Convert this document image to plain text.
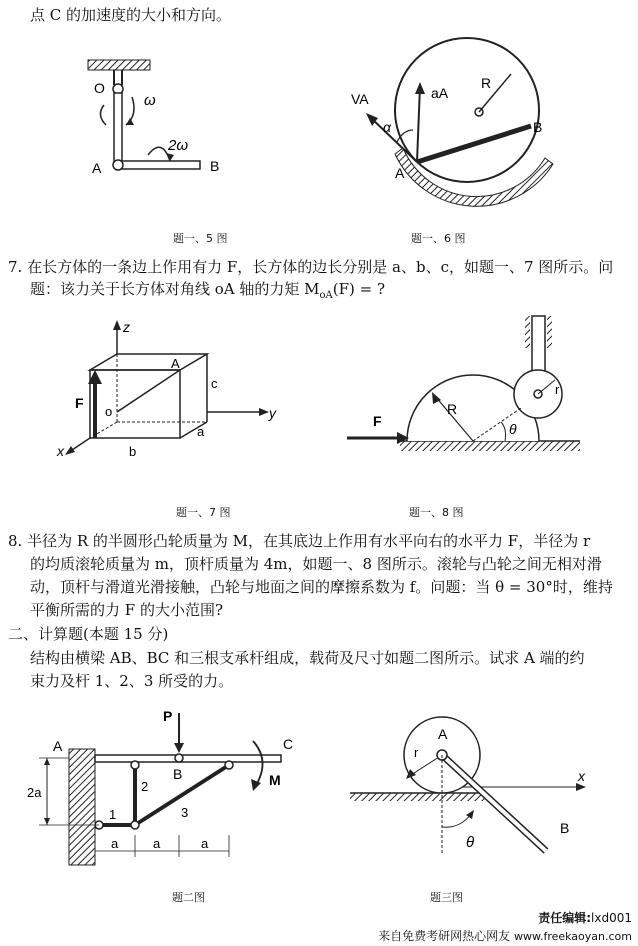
点 C 的加速度的大小和方向。
O
ω
2ω
A	B
题一、5 图
VA	aA
R
α
A
B
题一、6 图
7. 在长方体的一条边上作用有力 F，长方体的边长分别是 a、b、c，如题一、7 图所示。问
题：该力关于长方体对角线 oA 轴的力矩 $M_{oA}(F)$ = ?
z
A
c
F
o	y
a
x	b
题一、7 图
F
R
r
θ
题一、8 图
8. 半径为 R 的半圆形凸轮质量为 M，在其底边上作用有水平向右的水平力 F，半径为 r
的均质滚轮质量为 m，顶杆质量为 4m，如题一、8 图所示。滚轮与凸轮之间无相对滑
动，顶杆与滑道光滑接触，凸轮与地面之间的摩擦系数为 f。问题：当 θ = 30°时，维持
平衡所需的力 F 的大小范围?
二、计算题(本题 15 分)
结构由横梁 AB、BC 和三根支承杆组成，载荷及尺寸如题二图所示。试求 A 端的约
束力及杆 1、2、3 所受的力。
P
A	C
2a	2
B	M
1	3
a	a	a
题二图
A
r
x
B
θ
题三图
责任编辑:lxd001
来自免费考研网热心网友 www.freekaoyan.com
